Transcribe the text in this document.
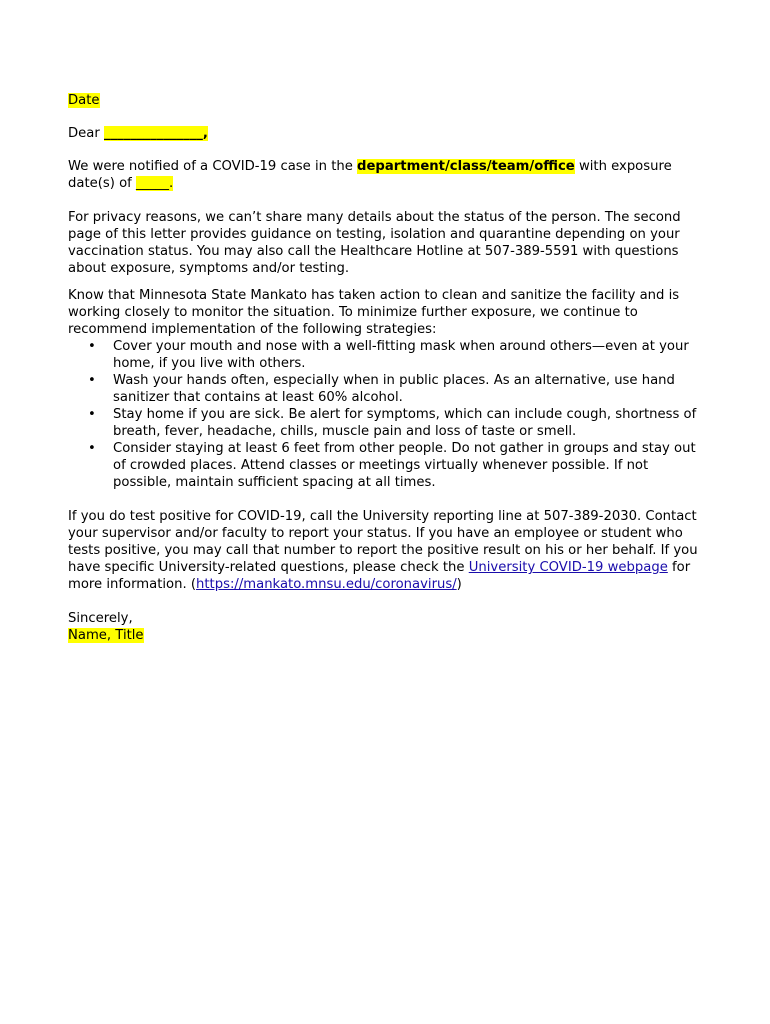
Date

Dear _______________,

We were notified of a COVID-19 case in the department/class/team/office with exposure date(s) of _____.

For privacy reasons, we can’t share many details about the status of the person. The second page of this letter provides guidance on testing, isolation and quarantine depending on your vaccination status. You may also call the Healthcare Hotline at 507-389-5591 with questions about exposure, symptoms and/or testing.

Know that Minnesota State Mankato has taken action to clean and sanitize the facility and is working closely to monitor the situation. To minimize further exposure, we continue to recommend implementation of the following strategies:

• Cover your mouth and nose with a well-fitting mask when around others—even at your home, if you live with others.
• Wash your hands often, especially when in public places. As an alternative, use hand sanitizer that contains at least 60% alcohol.
• Stay home if you are sick. Be alert for symptoms, which can include cough, shortness of breath, fever, headache, chills, muscle pain and loss of taste or smell.
• Consider staying at least 6 feet from other people. Do not gather in groups and stay out of crowded places. Attend classes or meetings virtually whenever possible. If not possible, maintain sufficient spacing at all times.

If you do test positive for COVID-19, call the University reporting line at 507-389-2030. Contact your supervisor and/or faculty to report your status. If you have an employee or student who tests positive, you may call that number to report the positive result on his or her behalf. If you have specific University-related questions, please check the University COVID-19 webpage for more information. (https://mankato.mnsu.edu/coronavirus/)

Sincerely,

Name, Title
